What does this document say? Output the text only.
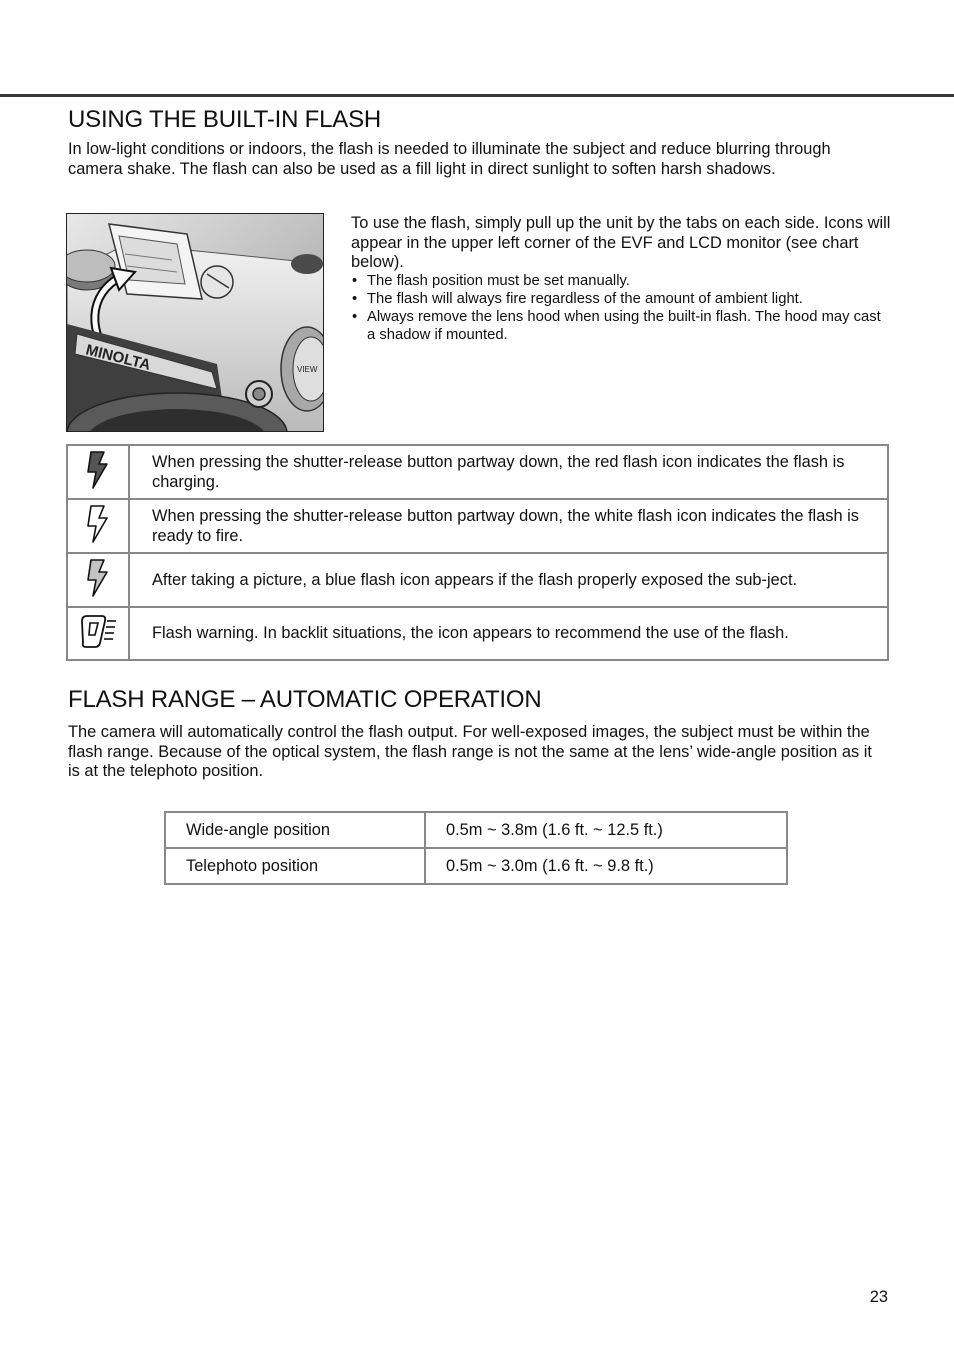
USING THE BUILT-IN FLASH

In low-light conditions or indoors, the flash is needed to illuminate the subject and reduce blurring through camera shake. The flash can also be used as a fill light in direct sunlight to soften harsh shadows.

MINOLTA	VIEW

To use the flash, simply pull up the unit by the tabs on each side. Icons will appear in the upper left corner of the EVF and LCD monitor (see chart below).

• The flash position must be set manually.
• The flash will always fire regardless of the amount of ambient light.
• Always remove the lens hood when using the built-in flash. The hood may cast a shadow if mounted.
	When pressing the shutter-release button partway down, the red flash icon indicates the flash is charging.
	When pressing the shutter-release button partway down, the white flash icon indicates the flash is ready to fire.
	After taking a picture, a blue flash icon appears if the flash properly exposed the sub-ject.
	Flash warning. In backlit situations, the icon appears to recommend the use of the flash.
FLASH RANGE – AUTOMATIC OPERATION

The camera will automatically control the flash output. For well-exposed images, the subject must be within the flash range. Because of the optical system, the flash range is not the same at the lens’ wide-angle position as it is at the telephoto position.

Wide-angle position	0.5m ~ 3.8m (1.6 ft. ~ 12.5 ft.)
Telephoto position	0.5m ~ 3.0m (1.6 ft. ~ 9.8 ft.)
23
